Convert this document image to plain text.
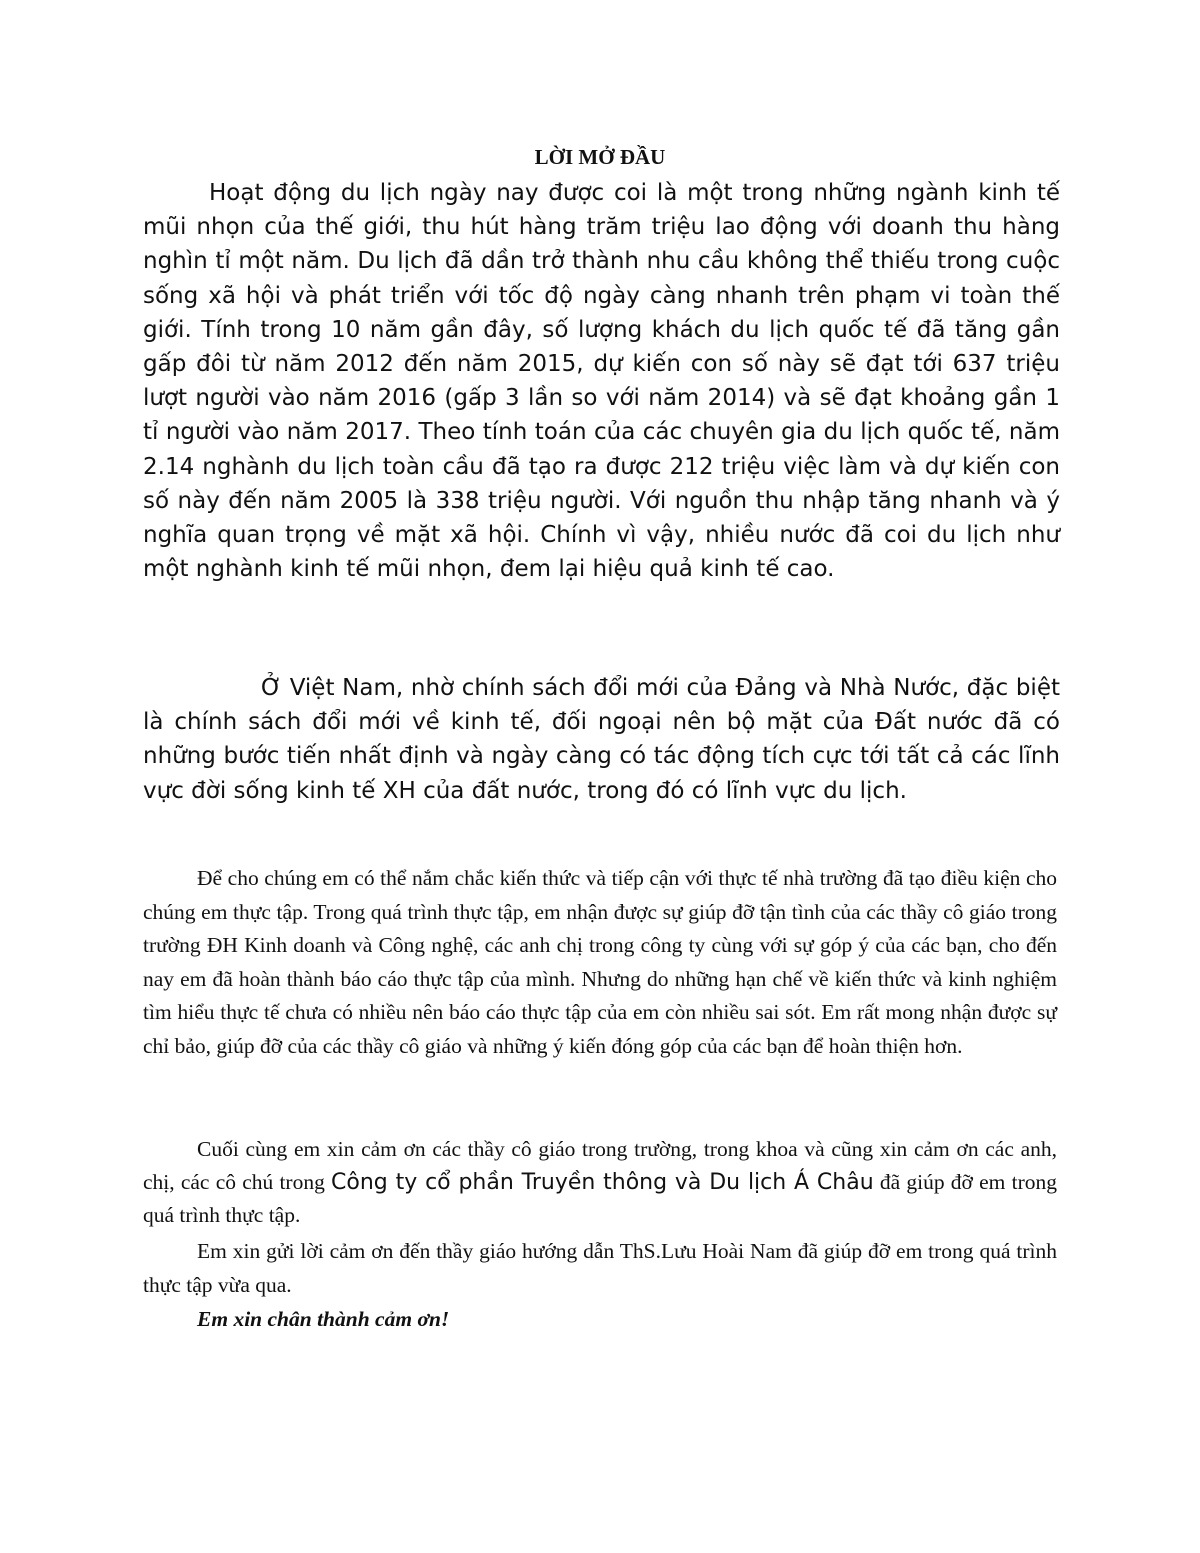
LỜI MỞ ĐẦU

Hoạt động du lịch ngày nay được coi là một trong những ngành kinh tế mũi nhọn của thế giới, thu hút hàng trăm triệu lao động với doanh thu hàng nghìn tỉ một năm. Du lịch đã dần trở thành nhu cầu không thể thiếu trong cuộc sống xã hội và phát triển với tốc độ ngày càng nhanh trên phạm vi toàn thế giới. Tính trong 10 năm gần đây, số lượng khách du lịch quốc tế đã tăng gần gấp đôi từ năm 2012 đến năm 2015, dự kiến con số này sẽ đạt tới 637 triệu lượt người vào năm 2016 (gấp 3 lần so với năm 2014) và sẽ đạt khoảng gần 1 tỉ người vào năm 2017. Theo tính toán của các chuyên gia du lịch quốc tế, năm 2.14 nghành du lịch toàn cầu đã tạo ra được 212 triệu việc làm và dự kiến con số này đến năm 2005 là 338 triệu người. Với nguồn thu nhập tăng nhanh và ý nghĩa quan trọng về mặt xã hội. Chính vì vậy, nhiều nước đã coi du lịch như một nghành kinh tế mũi nhọn, đem lại hiệu quả kinh tế cao.

Ở Việt Nam, nhờ chính sách đổi mới của Đảng và Nhà Nước, đặc biệt là chính sách đổi mới về kinh tế, đối ngoại nên bộ mặt của Đất nước đã có những bước tiến nhất định và ngày càng có tác động tích cực tới tất cả các lĩnh vực đời sống kinh tế XH của đất nước, trong đó có lĩnh vực du lịch.

Để cho chúng em có thể nắm chắc kiến thức và tiếp cận với thực tế nhà trường đã tạo điều kiện cho chúng em thực tập. Trong quá trình thực tập, em nhận được sự giúp đỡ tận tình của các thầy cô giáo trong trường ĐH Kinh doanh và Công nghệ, các anh chị trong công ty cùng với sự góp ý của các bạn, cho đến nay em đã hoàn thành báo cáo thực tập của mình. Nhưng do những hạn chế về kiến thức và kinh nghiệm tìm hiểu thực tế chưa có nhiều nên báo cáo thực tập của em còn nhiều sai sót. Em rất mong nhận được sự chỉ bảo, giúp đỡ của các thầy cô giáo và những ý kiến đóng góp của các bạn để hoàn thiện hơn.

Cuối cùng em xin cảm ơn các thầy cô giáo trong trường, trong khoa và cũng xin cảm ơn các anh, chị, các cô chú trong Công ty cổ phần Truyền thông và Du lịch Á Châu đã giúp đỡ em trong quá trình thực tập.

Em xin gửi lời cảm ơn đến thầy giáo hướng dẫn ThS.Lưu Hoài Nam đã giúp đỡ em trong quá trình thực tập vừa qua.

Em xin chân thành cảm ơn!
